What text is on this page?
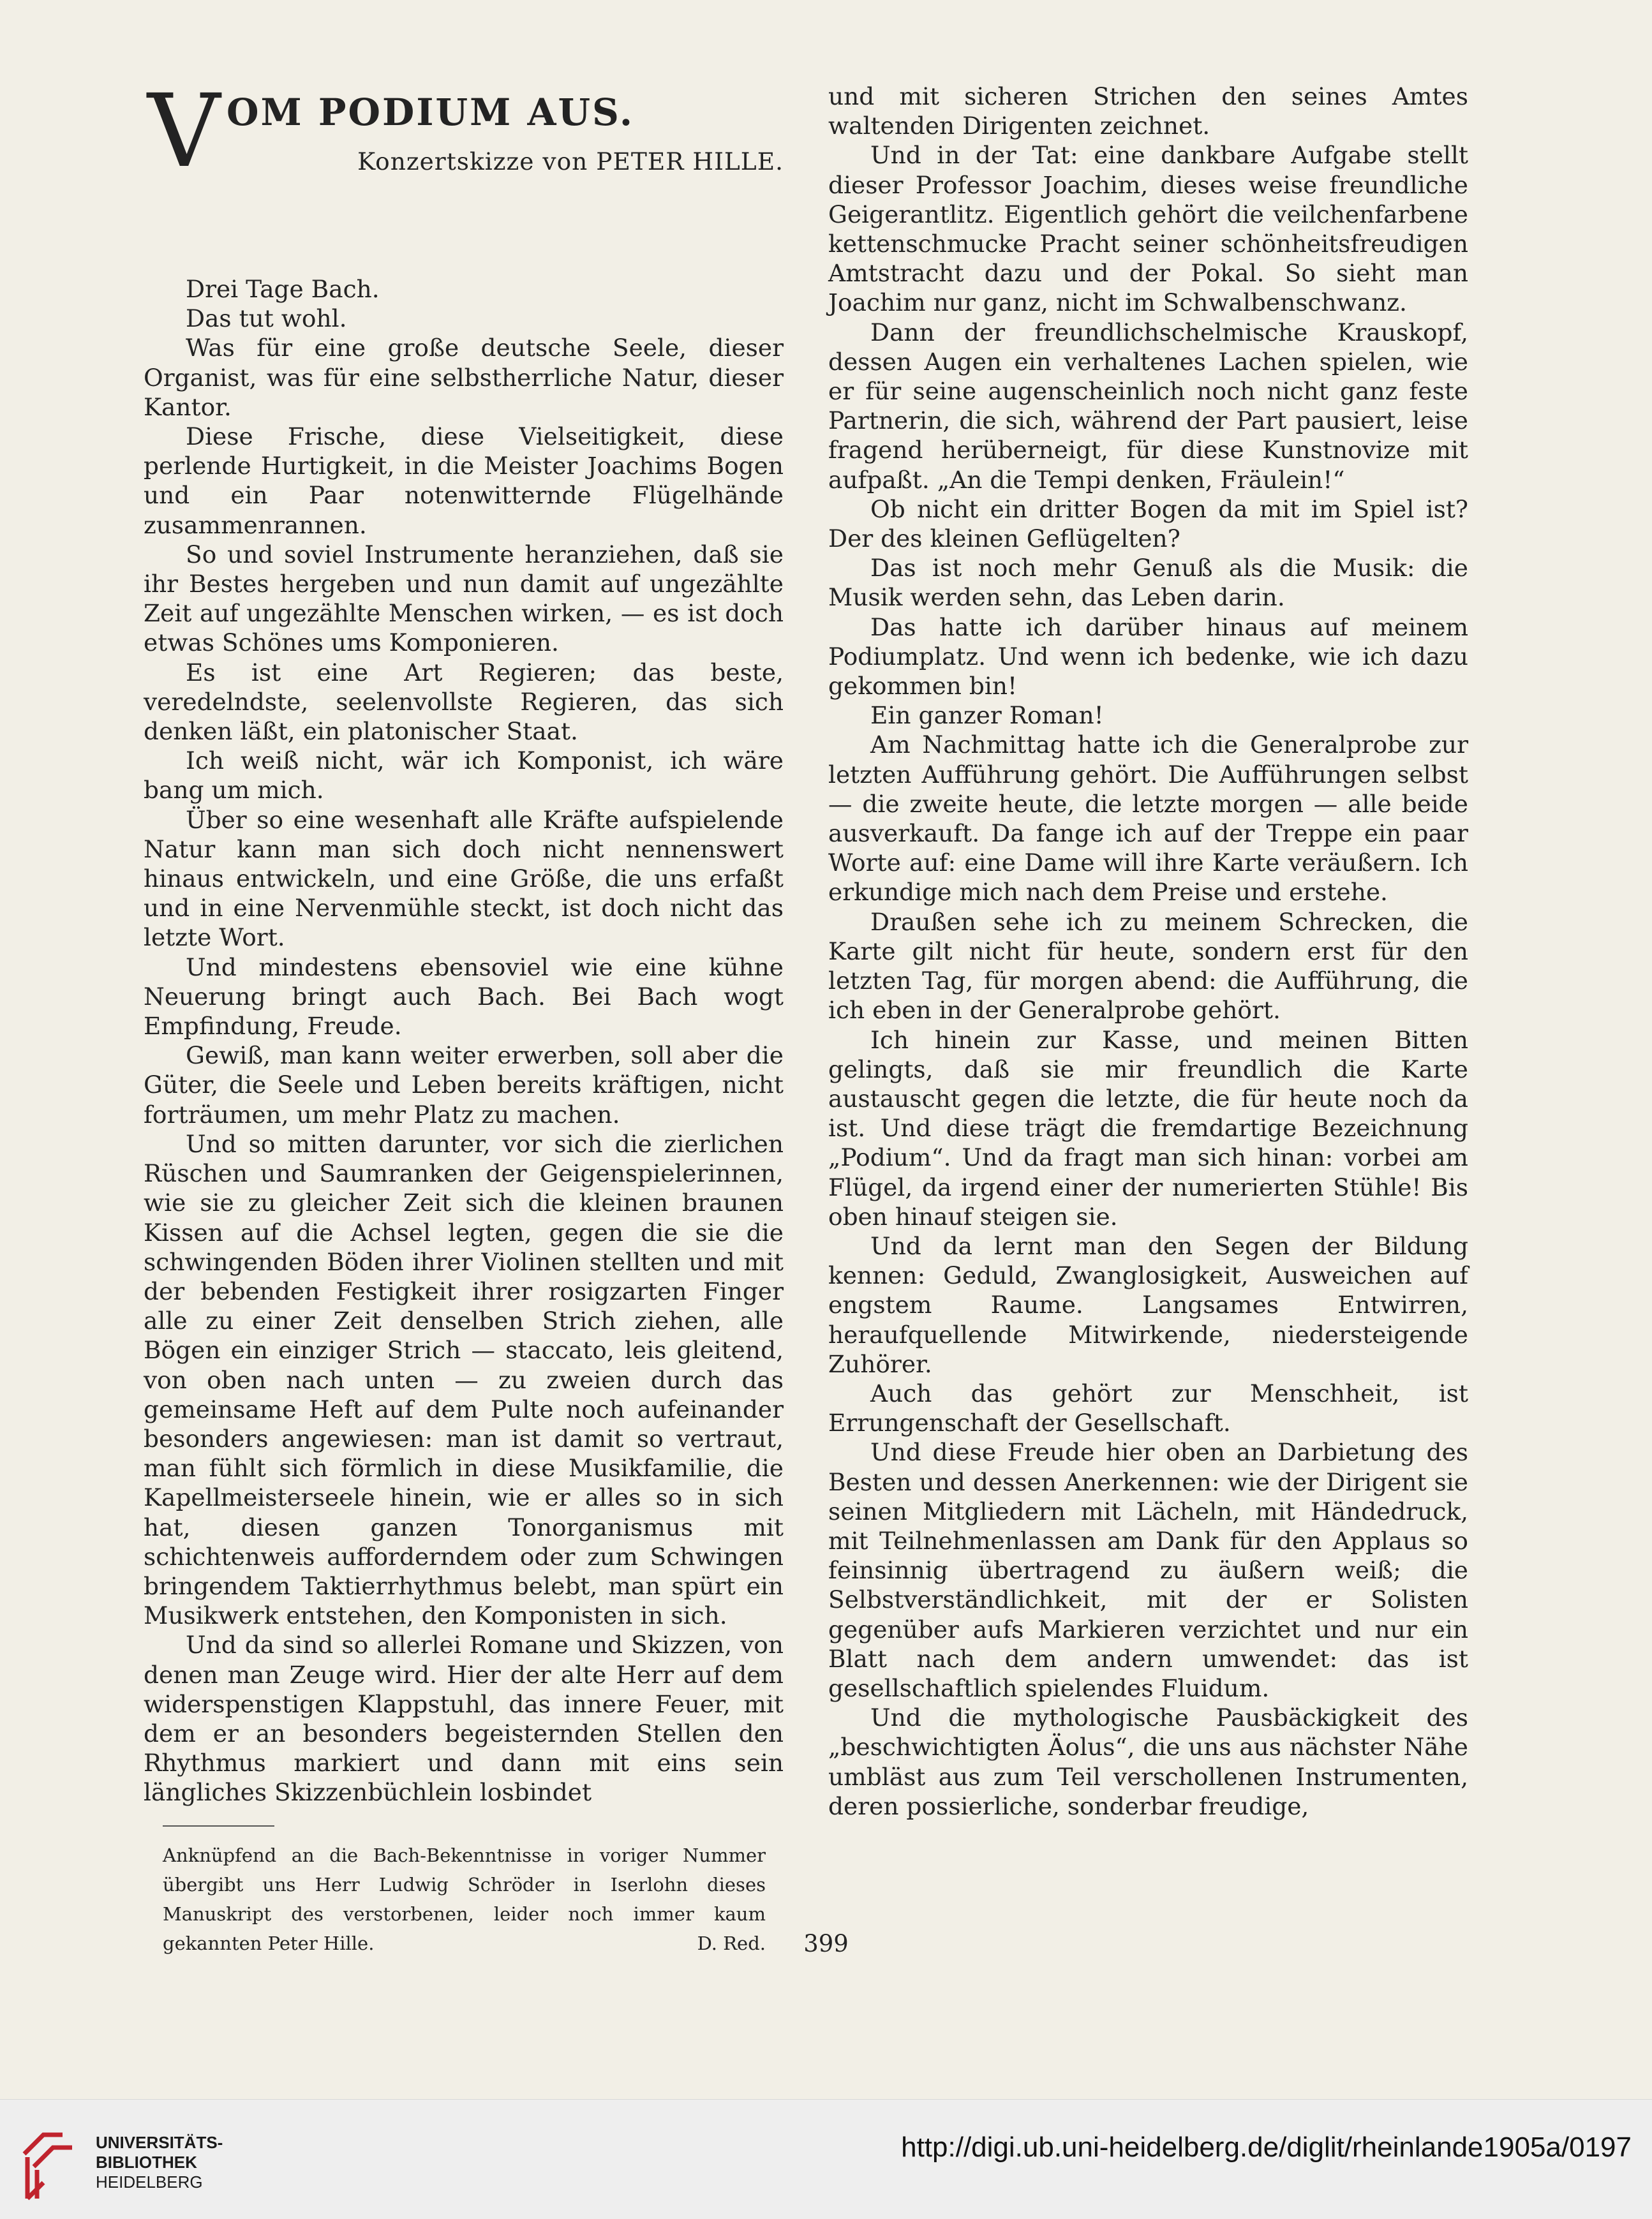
V OM PODIUM AUS.
Konzertskizze von PETER HILLE.

Drei Tage Bach.

Das tut wohl.

Was für eine große deutsche Seele, dieser Organist, was für eine selbstherrliche Natur, dieser Kantor.

Diese Frische, diese Vielseitigkeit, diese perlende Hurtigkeit, in die Meister Joachims Bogen und ein Paar notenwitternde Flügelhände zusammenrannen.

So und soviel Instrumente heranziehen, daß sie ihr Bestes hergeben und nun damit auf ungezählte Zeit auf ungezählte Menschen wirken, — es ist doch etwas Schönes ums Komponieren.

Es ist eine Art Regieren; das beste, veredelndste, seelenvollste Regieren, das sich denken läßt, ein platonischer Staat.

Ich weiß nicht, wär ich Komponist, ich wäre bang um mich.

Über so eine wesenhaft alle Kräfte aufspielende Natur kann man sich doch nicht nennenswert hinaus entwickeln, und eine Größe, die uns erfaßt und in eine Nervenmühle steckt, ist doch nicht das letzte Wort.

Und mindestens ebensoviel wie eine kühne Neuerung bringt auch Bach. Bei Bach wogt Empfindung, Freude.

Gewiß, man kann weiter erwerben, soll aber die Güter, die Seele und Leben bereits kräftigen, nicht forträumen, um mehr Platz zu machen.

Und so mitten darunter, vor sich die zierlichen Rüschen und Saumranken der Geigenspielerinnen, wie sie zu gleicher Zeit sich die kleinen braunen Kissen auf die Achsel legten, gegen die sie die schwingenden Böden ihrer Violinen stellten und mit der bebenden Festigkeit ihrer rosigzarten Finger alle zu einer Zeit denselben Strich ziehen, alle Bögen ein einziger Strich — staccato, leis gleitend, von oben nach unten — zu zweien durch das gemeinsame Heft auf dem Pulte noch aufeinander besonders angewiesen: man ist damit so vertraut, man fühlt sich förmlich in diese Musikfamilie, die Kapellmeisterseele hinein, wie er alles so in sich hat, diesen ganzen Tonorganismus mit schichtenweis aufforderndem oder zum Schwingen bringendem Taktierrhythmus belebt, man spürt ein Musikwerk entstehen, den Komponisten in sich.

Und da sind so allerlei Romane und Skizzen, von denen man Zeuge wird. Hier der alte Herr auf dem widerspenstigen Klappstuhl, das innere Feuer, mit dem er an besonders begeisternden Stellen den Rhythmus markiert und dann mit eins sein längliches Skizzenbüchlein losbindet

Anknüpfend an die Bach-Bekenntnisse in voriger Nummer übergibt uns Herr Ludwig Schröder in Iserlohn dieses Manuskript des verstorbenen, leider noch immer kaum gekannten Peter Hille.	D. Red.

und mit sicheren Strichen den seines Amtes waltenden Dirigenten zeichnet.

Und in der Tat: eine dankbare Aufgabe stellt dieser Professor Joachim, dieses weise freundliche Geigerantlitz. Eigentlich gehört die veilchenfarbene kettenschmucke Pracht seiner schönheitsfreudigen Amtstracht dazu und der Pokal. So sieht man Joachim nur ganz, nicht im Schwalbenschwanz.

Dann der freundlichschelmische Krauskopf, dessen Augen ein verhaltenes Lachen spielen, wie er für seine augenscheinlich noch nicht ganz feste Partnerin, die sich, während der Part pausiert, leise fragend herüberneigt, für diese Kunstnovize mit aufpaßt. „An die Tempi denken, Fräulein!“

Ob nicht ein dritter Bogen da mit im Spiel ist? Der des kleinen Geflügelten?

Das ist noch mehr Genuß als die Musik: die Musik werden sehn, das Leben darin.

Das hatte ich darüber hinaus auf meinem Podiumplatz. Und wenn ich bedenke, wie ich dazu gekommen bin!

Ein ganzer Roman!

Am Nachmittag hatte ich die Generalprobe zur letzten Aufführung gehört. Die Aufführungen selbst — die zweite heute, die letzte morgen — alle beide ausverkauft. Da fange ich auf der Treppe ein paar Worte auf: eine Dame will ihre Karte veräußern. Ich erkundige mich nach dem Preise und erstehe.

Draußen sehe ich zu meinem Schrecken, die Karte gilt nicht für heute, sondern erst für den letzten Tag, für morgen abend: die Aufführung, die ich eben in der Generalprobe gehört.

Ich hinein zur Kasse, und meinen Bitten gelingts, daß sie mir freundlich die Karte austauscht gegen die letzte, die für heute noch da ist. Und diese trägt die fremdartige Bezeichnung „Podium“. Und da fragt man sich hinan: vorbei am Flügel, da irgend einer der numerierten Stühle! Bis oben hinauf steigen sie.

Und da lernt man den Segen der Bildung kennen: Geduld, Zwanglosigkeit, Ausweichen auf engstem Raume. Langsames Entwirren, heraufquellende Mitwirkende, niedersteigende Zuhörer.

Auch das gehört zur Menschheit, ist Errungenschaft der Gesellschaft.

Und diese Freude hier oben an Darbietung des Besten und dessen Anerkennen: wie der Dirigent sie seinen Mitgliedern mit Lächeln, mit Händedruck, mit Teilnehmenlassen am Dank für den Applaus so feinsinnig übertragend zu äußern weiß; die Selbstverständlichkeit, mit der er Solisten gegenüber aufs Markieren verzichtet und nur ein Blatt nach dem andern umwendet: das ist gesellschaftlich spielendes Fluidum.

Und die mythologische Pausbäckigkeit des „beschwichtigten Äolus“, die uns aus nächster Nähe umbläst aus zum Teil verschollenen Instrumenten, deren possierliche, sonderbar freudige,

399
UNIVERSITÄTS-
BIBLIOTHEK
HEIDELBERG
http://digi.ub.uni-heidelberg.de/diglit/rheinlande1905a/0197
